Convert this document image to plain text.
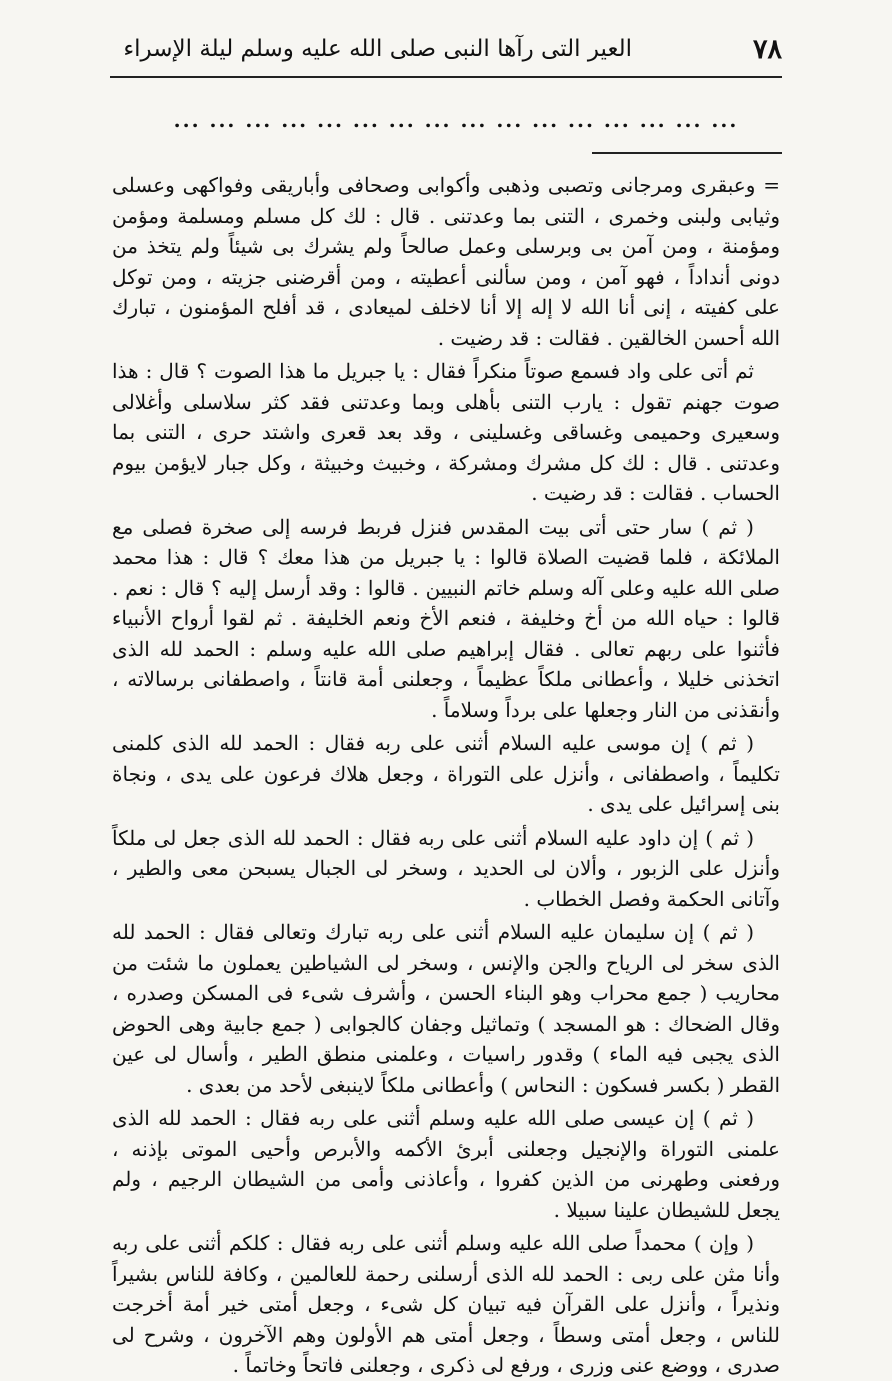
٧٨
العير التى رآها النبى صلى الله عليه وسلم ليلة الإسراء
... ... ... ... ... ... ... ... ... ... ... ... ... ... ... ...

= وعبقرى ومرجانى وتصبى وذهبى وأكوابى وصحافى وأباريقى وفواكهى وعسلى وثيابى ولبنى وخمرى ، التنى بما وعدتنى . قال : لك كل مسلم ومسلمة ومؤمن ومؤمنة ، ومن آمن بى وبرسلى وعمل صالحاً ولم يشرك بى شيئاً ولم يتخذ من دونى أنداداً ، فهو آمن ، ومن سألنى أعطيته ، ومن أقرضنى جزيته ، ومن توكل على كفيته ، إنى أنا الله لا إله إلا أنا لاخلف لميعادى ، قد أفلح المؤمنون ، تبارك الله أحسن الخالقين . فقالت : قد رضيت .

ثم أتى على واد فسمع صوتاً منكراً فقال : يا جبريل ما هذا الصوت ؟ قال : هذا صوت جهنم تقول : يارب التنى بأهلى وبما وعدتنى فقد كثر سلاسلى وأغلالى وسعيرى وحميمى وغساقى وغسلينى ، وقد بعد قعرى واشتد حرى ، التنى بما وعدتنى . قال : لك كل مشرك ومشركة ، وخبيث وخبيثة ، وكل جبار لايؤمن بيوم الحساب . فقالت : قد رضيت .

( ثم ) سار حتى أتى بيت المقدس فنزل فربط فرسه إلى صخرة فصلى مع الملائكة ، فلما قضيت الصلاة قالوا : يا جبريل من هذا معك ؟ قال : هذا محمد صلى الله عليه وعلى آله وسلم خاتم النبيين . قالوا : وقد أرسل إليه ؟ قال : نعم . قالوا : حياه الله من أخ وخليفة ، فنعم الأخ ونعم الخليفة . ثم لقوا أرواح الأنبياء فأثنوا على ربهم تعالى . فقال إبراهيم صلى الله عليه وسلم : الحمد لله الذى اتخذنى خليلا ، وأعطانى ملكاً عظيماً ، وجعلنى أمة قانتاً ، واصطفانى برسالاته ، وأنقذنى من النار وجعلها على برداً وسلاماً .

( ثم ) إن موسى عليه السلام أثنى على ربه فقال : الحمد لله الذى كلمنى تكليماً ، واصطفانى ، وأنزل على التوراة ، وجعل هلاك فرعون على يدى ، ونجاة بنى إسرائيل على يدى .

( ثم ) إن داود عليه السلام أثنى على ربه فقال : الحمد لله الذى جعل لى ملكاً وأنزل على الزبور ، وألان لى الحديد ، وسخر لى الجبال يسبحن معى والطير ، وآتانى الحكمة وفصل الخطاب .

( ثم ) إن سليمان عليه السلام أثنى على ربه تبارك وتعالى فقال : الحمد لله الذى سخر لى الرياح والجن والإنس ، وسخر لى الشياطين يعملون ما شئت من محاريب ( جمع محراب وهو البناء الحسن ، وأشرف شىء فى المسكن وصدره ، وقال الضحاك : هو المسجد ) وتماثيل وجفان كالجوابى ( جمع جابية وهى الحوض الذى يجبى فيه الماء ) وقدور راسيات ، وعلمنى منطق الطير ، وأسال لى عين القطر ( بكسر فسكون : النحاس ) وأعطانى ملكاً لاينبغى لأحد من بعدى .

( ثم ) إن عيسى صلى الله عليه وسلم أثنى على ربه فقال : الحمد لله الذى علمنى التوراة والإنجيل وجعلنى أبرئ الأكمه والأبرص وأحيى الموتى بإذنه ، ورفعنى وطهرنى من الذين كفروا ، وأعاذنى وأمى من الشيطان الرجيم ، ولم يجعل للشيطان علينا سبيلا .

( وإن ) محمداً صلى الله عليه وسلم أثنى على ربه فقال : كلكم أثنى على ربه وأنا مثن على ربى : الحمد لله الذى أرسلنى رحمة للعالمين ، وكافة للناس بشيراً ونذيراً ، وأنزل على القرآن فيه تبيان كل شىء ، وجعل أمتى خير أمة أخرجت للناس ، وجعل أمتى وسطاً ، وجعل أمتى هم الأولون وهم الآخرون ، وشرح لى صدرى ، ووضع عنى وزرى ، ورفع لى ذكرى ، وجعلنى فاتحاً وخاتماً .
